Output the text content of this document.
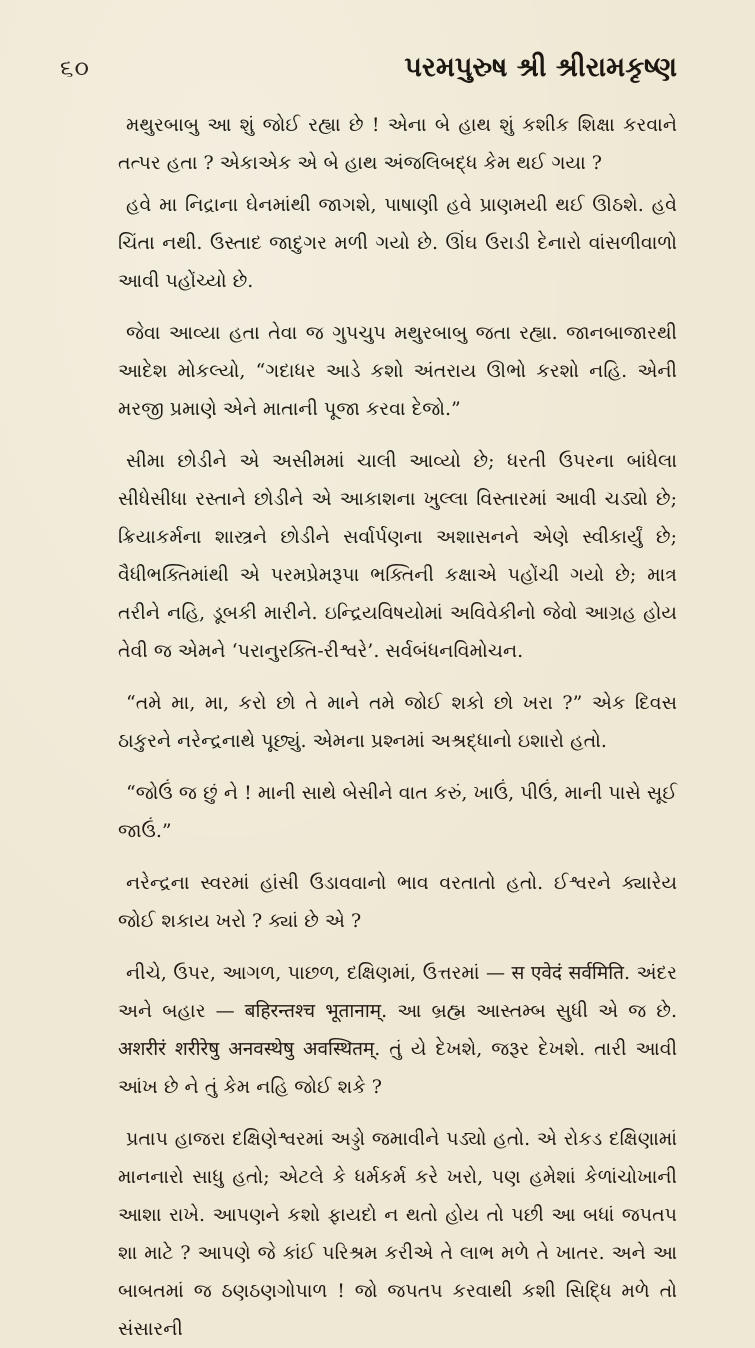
૬૦	પરમપુરુષ શ્રી શ્રીરામકૃષ્ણ

મથુરબાબુ આ શું જોઈ રહ્યા છે ! એના બે હાથ શું કશીક શિક્ષા કરવાને તત્પર હતા ? એકાએક એ બે હાથ અંજલિબદ્ધ કેમ થઈ ગયા ?

હવે મા નિદ્રાના ઘેનમાંથી જાગશે, પાષાણી હવે પ્રાણમયી થઈ ઊઠશે. હવે ચિંતા નથી. ઉસ્તાદ જાદુગર મળી ગયો છે. ઊંઘ ઉરાડી દેનારો વાંસળીવાળો આવી પહોંચ્યો છે.

જેવા આવ્યા હતા તેવા જ ગુપચુપ મથુરબાબુ જતા રહ્યા. જાનબાજારથી આદેશ મોકલ્યો, “ગદાધર આડે કશો અંતરાય ઊભો કરશો નહિ. એની મરજી પ્રમાણે એને માતાની પૂજા કરવા દેજો.”

સીમા છોડીને એ અસીમમાં ચાલી આવ્યો છે; ધરતી ઉપરના બાંધેલા સીધેસીધા રસ્તાને છોડીને એ આકાશના ખુલ્લા વિસ્તારમાં આવી ચડ્યો છે; ક્રિયાકર્મના શાસ્ત્રને છોડીને સર્વાર્પણના અશાસનને એણે સ્વીકાર્યું છે; વૈધીભક્તિમાંથી એ પરમપ્રેમરૂપા ભક્તિની કક્ષાએ પહોંચી ગયો છે; માત્ર તરીને નહિ, ડૂબકી મારીને. ઇન્દ્રિયવિષયોમાં અવિવેકીનો જેવો આગ્રહ હોય તેવી જ એમને ‘પરાનુરક્તિ-રીશ્વરે’. સર્વબંધનવિમોચન.

“તમે મા, મા, કરો છો તે માને તમે જોઈ શકો છો ખરા ?” એક દિવસ ઠાકુરને નરેન્દ્રનાથે પૂછ્યું. એમના પ્રશ્નમાં અશ્રદ્ધાનો ઇશારો હતો.

“જોઉં જ છું ને ! માની સાથે બેસીને વાત કરું, ખાઉં, પીઉં, માની પાસે સૂઈ જાઉં.”

નરેન્દ્રના સ્વરમાં હાંસી ઉડાવવાનો ભાવ વરતાતો હતો. ઈશ્વરને ક્યારેય જોઈ શકાય ખરો ? ક્યાં છે એ ?

નીચે, ઉપર, આગળ, પાછળ, દક્ષિણમાં, ઉત્તરમાં — स एवेदं सर्वमिति. અંદર અને બહાર — बहिरन्तश्च भूतानाम्. આ બ્રહ્મ આસ્તમ્બ સુધી એ જ છે. अशरीरं शरीरेषु अनवस्थेषु अवस्थितम्. તું યે દેખશે, જરૂર દેખશે. તારી આવી આંખ છે ને તું કેમ નહિ જોઈ શકે ?

પ્રતાપ હાજરા દક્ષિણેશ્વરમાં અડ્ડો જમાવીને પડ્યો હતો. એ રોકડ દક્ષિણામાં માનનારો સાધુ હતો; એટલે કે ધર્મકર્મ કરે ખરો, પણ હમેશાં કેળાંચોખાની આશા રાખે. આપણને કશો ફાયદો ન થતો હોય તો પછી આ બધાં જપતપ શા માટે ? આપણે જે કાંઈ પરિશ્રમ કરીએ તે લાભ મળે તે ખાતર. અને આ બાબતમાં જ ઠણઠણગોપાળ ! જો જપતપ કરવાથી કશી સિદ્ધિ મળે તો સંસારની
